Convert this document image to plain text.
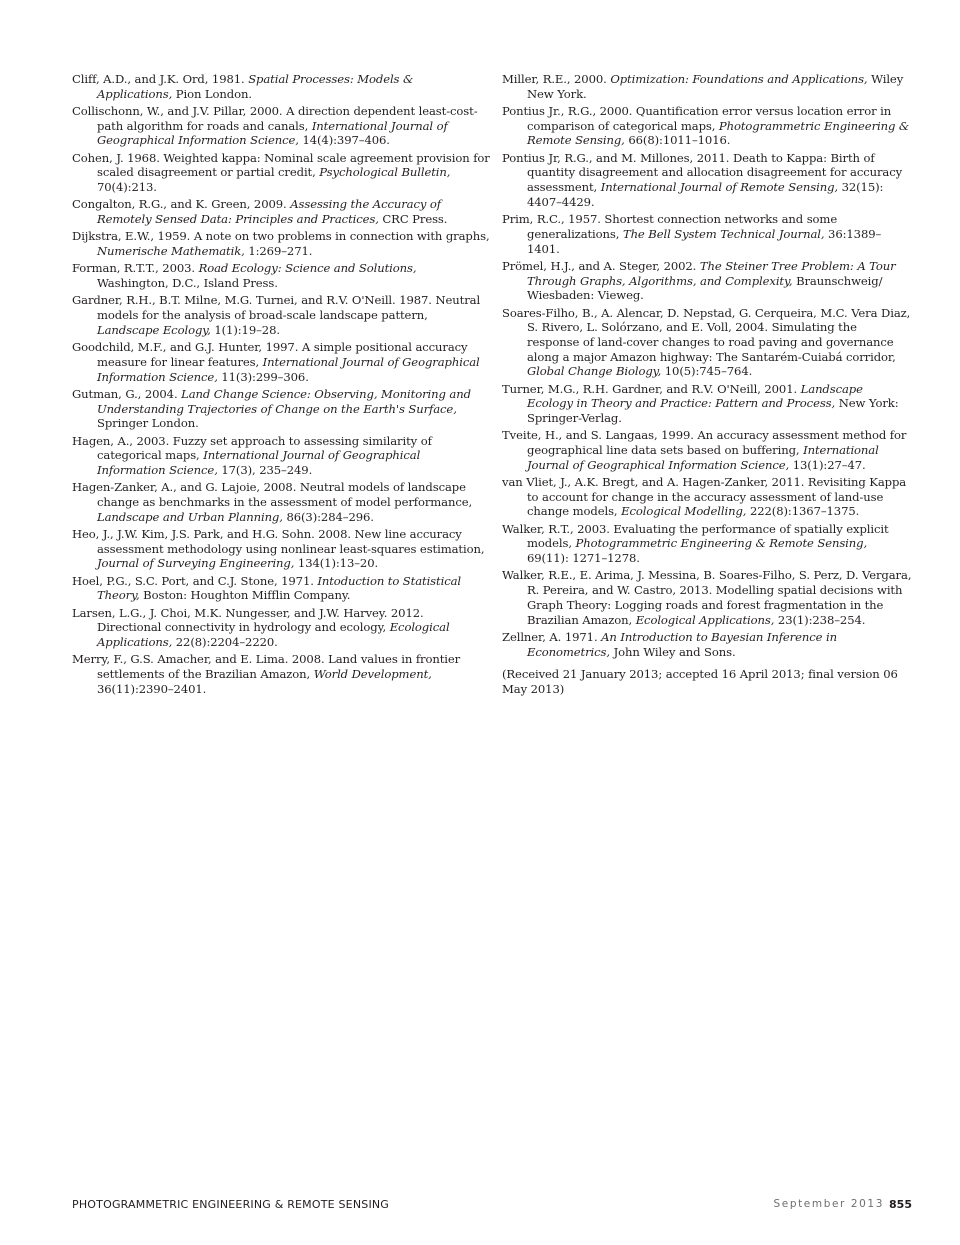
Cliff, A.D., and J.K. Ord, 1981. Spatial Processes: Models & Applications, Pion London.

Collischonn, W., and J.V. Pillar, 2000. A direction dependent least-cost-path algorithm for roads and canals, International Journal of Geographical Information Science, 14(4):397–406.

Cohen, J. 1968. Weighted kappa: Nominal scale agreement provision for scaled disagreement or partial credit, Psychological Bulletin, 70(4):213.

Congalton, R.G., and K. Green, 2009. Assessing the Accuracy of Remotely Sensed Data: Principles and Practices, CRC Press.

Dijkstra, E.W., 1959. A note on two problems in connection with graphs, Numerische Mathematik, 1:269–271.

Forman, R.T.T., 2003. Road Ecology: Science and Solutions, Washington, D.C., Island Press.

Gardner, R.H., B.T. Milne, M.G. Turnei, and R.V. O'Neill. 1987. Neutral models for the analysis of broad-scale landscape pattern, Landscape Ecology, 1(1):19–28.

Goodchild, M.F., and G.J. Hunter, 1997. A simple positional accuracy measure for linear features, International Journal of Geographical Information Science, 11(3):299–306.

Gutman, G., 2004. Land Change Science: Observing, Monitoring and Understanding Trajectories of Change on the Earth's Surface, Springer London.

Hagen, A., 2003. Fuzzy set approach to assessing similarity of categorical maps, International Journal of Geographical Information Science, 17(3), 235–249.

Hagen-Zanker, A., and G. Lajoie, 2008. Neutral models of landscape change as benchmarks in the assessment of model performance, Landscape and Urban Planning, 86(3):284–296.

Heo, J., J.W. Kim, J.S. Park, and H.G. Sohn. 2008. New line accuracy assessment methodology using nonlinear least-squares estimation, Journal of Surveying Engineering, 134(1):13–20.

Hoel, P.G., S.C. Port, and C.J. Stone, 1971. Intoduction to Statistical Theory, Boston: Houghton Mifflin Company.

Larsen, L.G., J. Choi, M.K. Nungesser, and J.W. Harvey. 2012. Directional connectivity in hydrology and ecology, Ecological Applications, 22(8):2204–2220.

Merry, F., G.S. Amacher, and E. Lima. 2008. Land values in frontier settlements of the Brazilian Amazon, World Development, 36(11):2390–2401.

Miller, R.E., 2000. Optimization: Foundations and Applications, Wiley New York.

Pontius Jr., R.G., 2000. Quantification error versus location error in comparison of categorical maps, Photogrammetric Engineering & Remote Sensing, 66(8):1011–1016.

Pontius Jr, R.G., and M. Millones, 2011. Death to Kappa: Birth of quantity disagreement and allocation disagreement for accuracy assessment, International Journal of Remote Sensing, 32(15): 4407–4429.

Prim, R.C., 1957. Shortest connection networks and some generalizations, The Bell System Technical Journal, 36:1389–1401.

Prömel, H.J., and A. Steger, 2002. The Steiner Tree Problem: A Tour Through Graphs, Algorithms, and Complexity, Braunschweig/ Wiesbaden: Vieweg.

Soares-Filho, B., A. Alencar, D. Nepstad, G. Cerqueira, M.C. Vera Diaz, S. Rivero, L. Solórzano, and E. Voll, 2004. Simulating the response of land-cover changes to road paving and governance along a major Amazon highway: The Santarém-Cuiabá corridor, Global Change Biology, 10(5):745–764.

Turner, M.G., R.H. Gardner, and R.V. O'Neill, 2001. Landscape Ecology in Theory and Practice: Pattern and Process, New York: Springer-Verlag.

Tveite, H., and S. Langaas, 1999. An accuracy assessment method for geographical line data sets based on buffering, International Journal of Geographical Information Science, 13(1):27–47.

van Vliet, J., A.K. Bregt, and A. Hagen-Zanker, 2011. Revisiting Kappa to account for change in the accuracy assessment of land-use change models, Ecological Modelling, 222(8):1367–1375.

Walker, R.T., 2003. Evaluating the performance of spatially explicit models, Photogrammetric Engineering & Remote Sensing, 69(11): 1271–1278.

Walker, R.E., E. Arima, J. Messina, B. Soares-Filho, S. Perz, D. Vergara, R. Pereira, and W. Castro, 2013. Modelling spatial decisions with Graph Theory: Logging roads and forest fragmentation in the Brazilian Amazon, Ecological Applications, 23(1):238–254.

Zellner, A. 1971. An Introduction to Bayesian Inference in Econometrics, John Wiley and Sons.

(Received 21 January 2013; accepted 16 April 2013; final version 06 May 2013)

PHOTOGRAMMETRIC ENGINEERING & REMOTE SENSING	September 2013 855
